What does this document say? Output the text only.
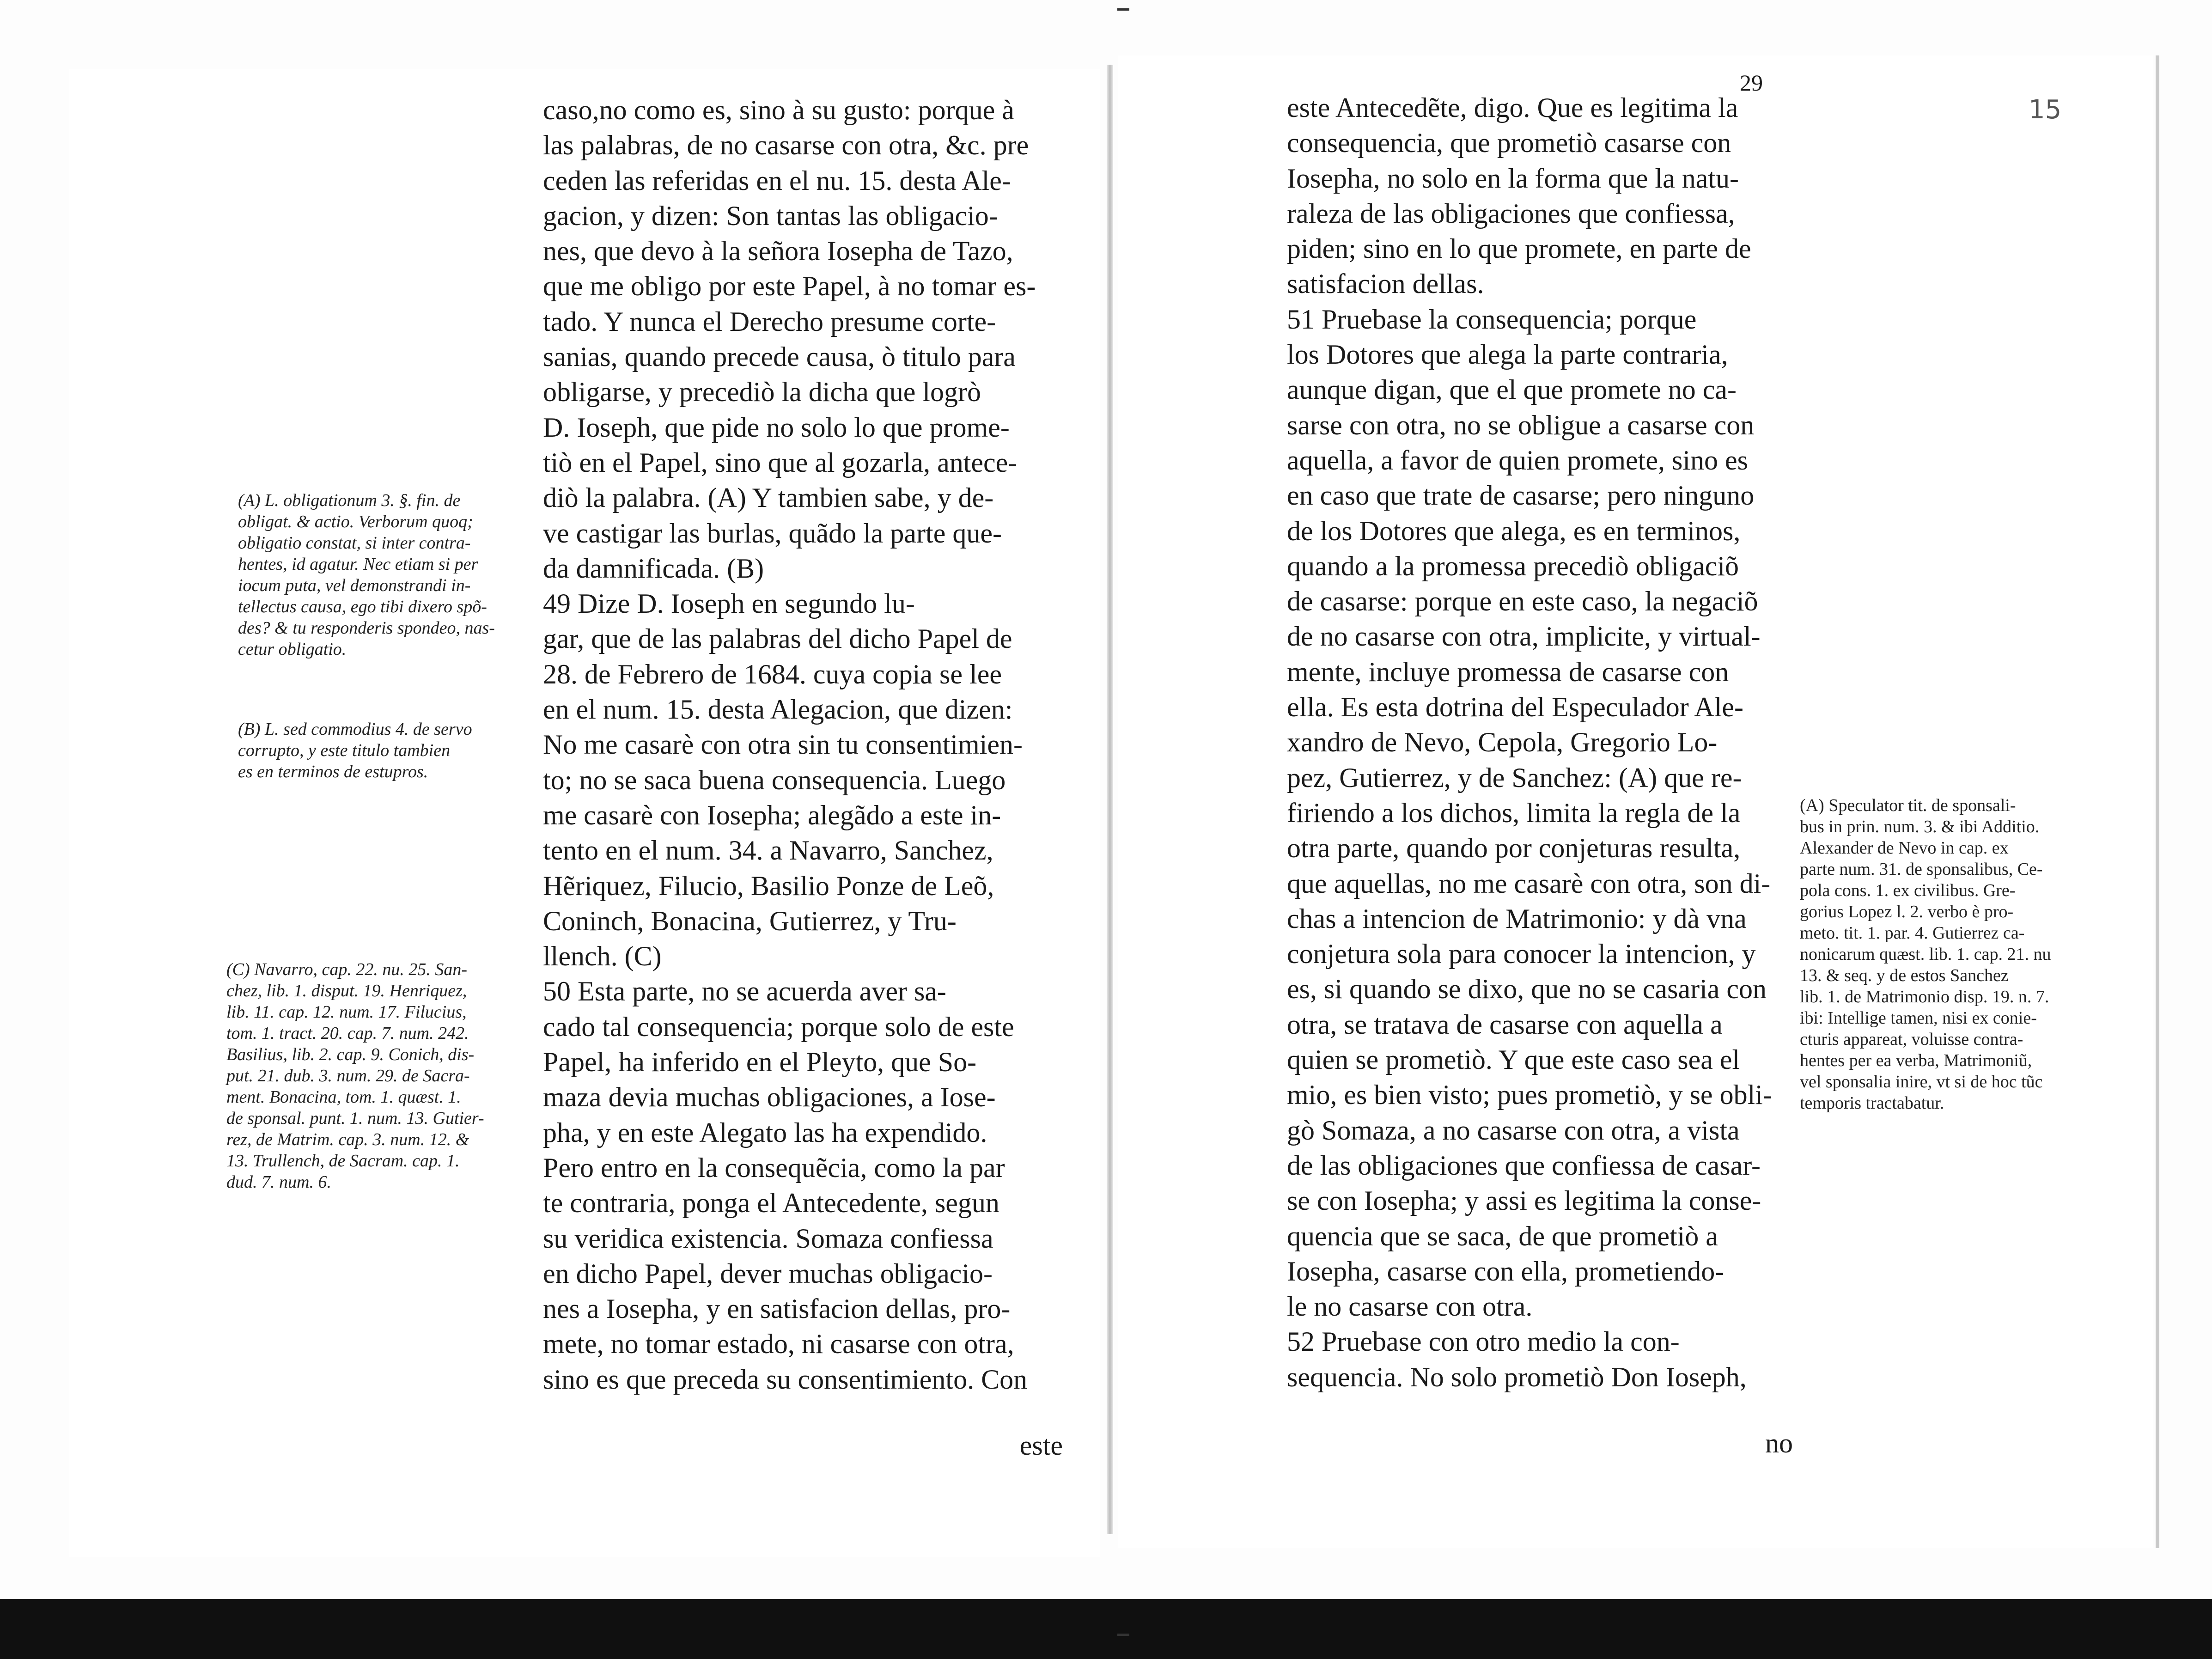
caso,no como es, sino à su gusto: porque à
las palabras, de no casarse con otra, &c. pre
ceden las referidas en el nu. 15. desta Ale-
gacion, y dizen: Son tantas las obligacio-
nes, que devo à la señora Iosepha de Tazo,
que me obligo por este Papel, à no tomar es-
tado. Y nunca el Derecho presume corte-
sanias, quando precede causa, ò titulo para
obligarse, y precediò la dicha que logrò
D. Ioseph, que pide no solo lo que prome-
tiò en el Papel, sino que al gozarla, antece-
diò la palabra. (A) Y tambien sabe, y de-
ve castigar las burlas, quãdo la parte que-
da damnificada. (B)
49 Dize D. Ioseph en segundo lu-
gar, que de las palabras del dicho Papel de
28. de Febrero de 1684. cuya copia se lee
en el num. 15. desta Alegacion, que dizen:
No me casarè con otra sin tu consentimien-
to; no se saca buena consequencia. Luego
me casarè con Iosepha; alegãdo a este in-
tento en el num. 34. a Navarro, Sanchez,
Hẽriquez, Filucio, Basilio Ponze de Leõ,
Coninch, Bonacina, Gutierrez, y Tru-
llench. (C)
50 Esta parte, no se acuerda aver sa-
cado tal consequencia; porque solo de este
Papel, ha inferido en el Pleyto, que So-
maza devia muchas obligaciones, a Iose-
pha, y en este Alegato las ha expendido.
Pero entro en la consequẽcia, como la par
te contraria, ponga el Antecedente, segun
su veridica existencia. Somaza confiessa
en dicho Papel, dever muchas obligacio-
nes a Iosepha, y en satisfacion dellas, pro-
mete, no tomar estado, ni casarse con otra,
sino es que preceda su consentimiento. Con
este
(A) L. obligationum 3. §. fin. de
obligat. & actio. Verborum quoq;
obligatio constat, si inter contra-
hentes, id agatur. Nec etiam si per
iocum puta, vel demonstrandi in-
tellectus causa, ego tibi dixero spõ-
des? & tu responderis spondeo, nas-
cetur obligatio.
(B) L. sed commodius 4. de servo
corrupto, y este titulo tambien
es en terminos de estupros.
(C) Navarro, cap. 22. nu. 25. San-
chez, lib. 1. disput. 19. Henriquez,
lib. 11. cap. 12. num. 17. Filucius,
tom. 1. tract. 20. cap. 7. num. 242.
Basilius, lib. 2. cap. 9. Conich, dis-
put. 21. dub. 3. num. 29. de Sacra-
ment. Bonacina, tom. 1. quæst. 1.
de sponsal. punt. 1. num. 13. Gutier-
rez, de Matrim. cap. 3. num. 12. &
13. Trullench, de Sacram. cap. 1.
dud. 7. num. 6.
29
15
este Antecedẽte, digo. Que es legitima la
consequencia, que prometiò casarse con
Iosepha, no solo en la forma que la natu-
raleza de las obligaciones que confiessa,
piden; sino en lo que promete, en parte de
satisfacion dellas.
51 Pruebase la consequencia; porque
los Dotores que alega la parte contraria,
aunque digan, que el que promete no ca-
sarse con otra, no se obligue a casarse con
aquella, a favor de quien promete, sino es
en caso que trate de casarse; pero ninguno
de los Dotores que alega, es en terminos,
quando a la promessa precediò obligaciõ
de casarse: porque en este caso, la negaciõ
de no casarse con otra, implicite, y virtual-
mente, incluye promessa de casarse con
ella. Es esta dotrina del Especulador Ale-
xandro de Nevo, Cepola, Gregorio Lo-
pez, Gutierrez, y de Sanchez: (A) que re-
firiendo a los dichos, limita la regla de la
otra parte, quando por conjeturas resulta,
que aquellas, no me casarè con otra, son di-
chas a intencion de Matrimonio: y dà vna
conjetura sola para conocer la intencion, y
es, si quando se dixo, que no se casaria con
otra, se tratava de casarse con aquella a
quien se prometiò. Y que este caso sea el
mio, es bien visto; pues prometiò, y se obli-
gò Somaza, a no casarse con otra, a vista
de las obligaciones que confiessa de casar-
se con Iosepha; y assi es legitima la conse-
quencia que se saca, de que prometiò a
Iosepha, casarse con ella, prometiendo-
le no casarse con otra.
52 Pruebase con otro medio la con-
sequencia. No solo prometiò Don Ioseph,
no
(A) Speculator tit. de sponsali-
bus in prin. num. 3. & ibi Additio.
Alexander de Nevo in cap. ex
parte num. 31. de sponsalibus, Ce-
pola cons. 1. ex civilibus. Gre-
gorius Lopez l. 2. verbo è pro-
meto. tit. 1. par. 4. Gutierrez ca-
nonicarum quæst. lib. 1. cap. 21. nu
13. & seq. y de estos Sanchez
lib. 1. de Matrimonio disp. 19. n. 7.
ibi: Intellige tamen, nisi ex conie-
cturis appareat, voluisse contra-
hentes per ea verba, Matrimoniũ,
vel sponsalia inire, vt si de hoc tũc
temporis tractabatur.
